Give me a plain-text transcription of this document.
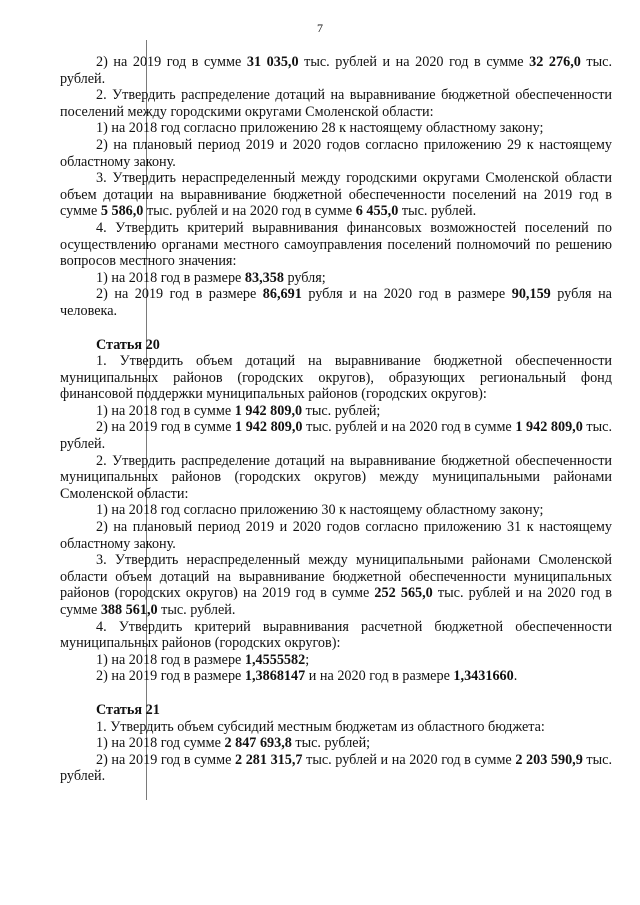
7

2) на 2019 год в сумме 31 035,0 тыс. рублей и на 2020 год в сумме 32 276,0 тыс. рублей.

2. Утвердить распределение дотаций на выравнивание бюджетной обеспеченности поселений между городскими округами Смоленской области:

1) на 2018 год согласно приложению 28 к настоящему областному закону;

2) на плановый период 2019 и 2020 годов согласно приложению 29 к настоящему областному закону.

3. Утвердить нераспределенный между городскими округами Смоленской области объем дотации на выравнивание бюджетной обеспеченности поселений на 2019 год в сумме 5 586,0 тыс. рублей и на 2020 год в сумме 6 455,0 тыс. рублей.

4. Утвердить критерий выравнивания финансовых возможностей поселений по осуществлению органами местного самоуправления поселений полномочий по решению вопросов местного значения:

1) на 2018 год в размере 83,358 рубля;

2) на 2019 год в размере 86,691 рубля и на 2020 год в размере 90,159 рубля на человека.

Статья 20

1. Утвердить объем дотаций на выравнивание бюджетной обеспеченности муниципальных районов (городских округов), образующих региональный фонд финансовой поддержки муниципальных районов (городских округов):

1) на 2018 год в сумме 1 942 809,0 тыс. рублей;

2) на 2019 год в сумме 1 942 809,0 тыс. рублей и на 2020 год в сумме 1 942 809,0 тыс. рублей.

2. Утвердить распределение дотаций на выравнивание бюджетной обеспеченности муниципальных районов (городских округов) между муниципальными районами Смоленской области:

1) на 2018 год согласно приложению 30 к настоящему областному закону;

2) на плановый период 2019 и 2020 годов согласно приложению 31 к настоящему областному закону.

3. Утвердить нераспределенный между муниципальными районами Смоленской области объем дотаций на выравнивание бюджетной обеспеченности муниципальных районов (городских округов) на 2019 год в сумме 252 565,0 тыс. рублей и на 2020 год в сумме 388 561,0 тыс. рублей.

4. Утвердить критерий выравнивания расчетной бюджетной обеспеченности муниципальных районов (городских округов):

1) на 2018 год в размере 1,4555582;

2) на 2019 год в размере 1,3868147 и на 2020 год в размере 1,3431660.

Статья 21

1. Утвердить объем субсидий местным бюджетам из областного бюджета:

1) на 2018 год сумме 2 847 693,8 тыс. рублей;

2) на 2019 год в сумме 2 281 315,7 тыс. рублей и на 2020 год в сумме 2 203 590,9 тыс. рублей.
